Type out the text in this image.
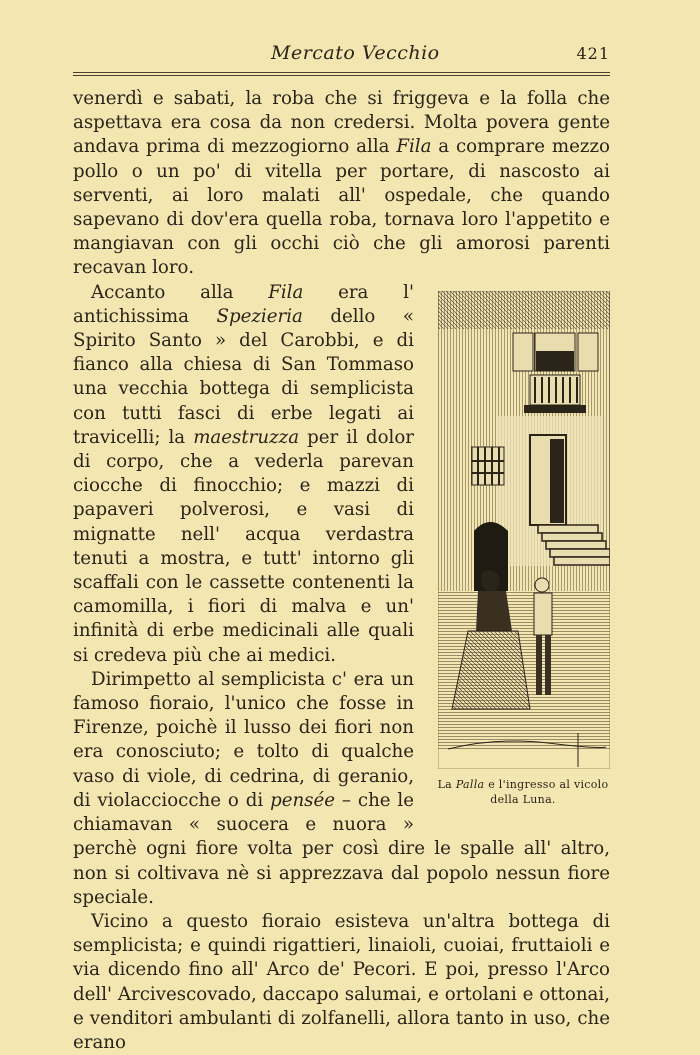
Mercato Vecchio	421

venerdì e sabati, la roba che si friggeva e la folla che aspettava era cosa da non credersi. Molta povera gente andava prima di mezzogiorno alla Fila a comprare mezzo pollo o un po' di vitella per portare, di nascosto ai serventi, ai loro malati all' ospedale, che quando sapevano di dov'era quella roba, tornava loro l'appetito e mangiavan con gli occhi ciò che gli amorosi parenti recavan loro.

La Palla e l'ingresso al vicolo della Luna.

Accanto alla Fila era l' antichissima Spezieria dello « Spirito Santo » del Carobbi, e di fianco alla chiesa di San Tommaso una vecchia bottega di semplicista con tutti fasci di erbe legati ai travicelli; la maestruzza per il dolor di corpo, che a vederla parevan ciocche di finocchio; e mazzi di papaveri polverosi, e vasi di mignatte nell' acqua verdastra tenuti a mostra, e tutt' intorno gli scaffali con le cassette contenenti la camomilla, i fiori di malva e un' infinità di erbe medicinali alle quali si credeva più che ai medici.

Dirimpetto al semplicista c' era un famoso fioraio, l'unico che fosse in Firenze, poichè il lusso dei fiori non era conosciuto; e tolto di qualche vaso di viole, di cedrina, di geranio, di violacciocche o di pensée – che le chiamavan « suocera e nuora » perchè ogni fiore volta per così dire le spalle all' altro, non si coltivava nè si apprezzava dal popolo nessun fiore speciale.

Vicino a questo fioraio esisteva un'altra bottega di semplicista; e quindi rigattieri, linaioli, cuoiai, fruttaioli e via dicendo fino all' Arco de' Pecori. E poi, presso l'Arco dell' Arcivescovado, daccapo salumai, e ortolani e ottonai, e venditori ambulanti di zolfanelli, allora tanto in uso, che erano
